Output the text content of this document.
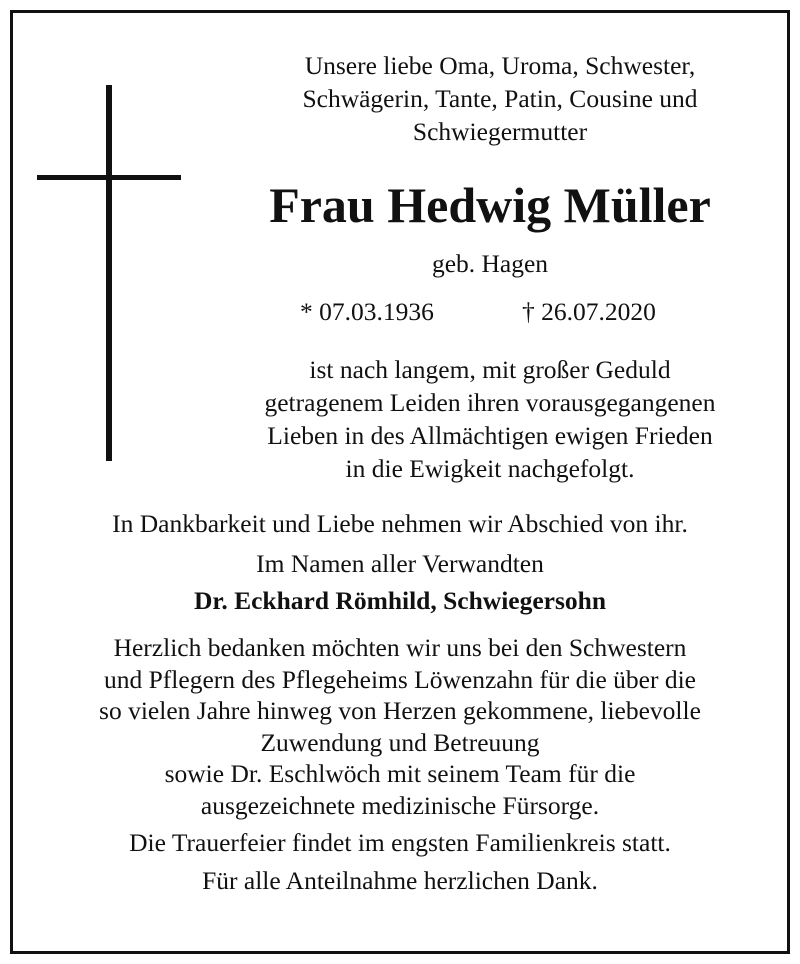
Unsere liebe Oma, Uroma, Schwester,
Schwägerin, Tante, Patin, Cousine und
Schwiegermutter
Frau Hedwig Müller
geb. Hagen
* 07.03.1936	† 26.07.2020
ist nach langem, mit großer Geduld
getragenem Leiden ihren vorausgegangenen
Lieben in des Allmächtigen ewigen Frieden
in die Ewigkeit nachgefolgt.
In Dankbarkeit und Liebe nehmen wir Abschied von ihr.
Im Namen aller Verwandten
Dr. Eckhard Römhild, Schwiegersohn
Herzlich bedanken möchten wir uns bei den Schwestern
und Pflegern des Pflegeheims Löwenzahn für die über die
so vielen Jahre hinweg von Herzen gekommene, liebevolle
Zuwendung und Betreuung
sowie Dr. Eschlwöch mit seinem Team für die
ausgezeichnete medizinische Fürsorge.
Die Trauerfeier findet im engsten Familienkreis statt.
Für alle Anteilnahme herzlichen Dank.
